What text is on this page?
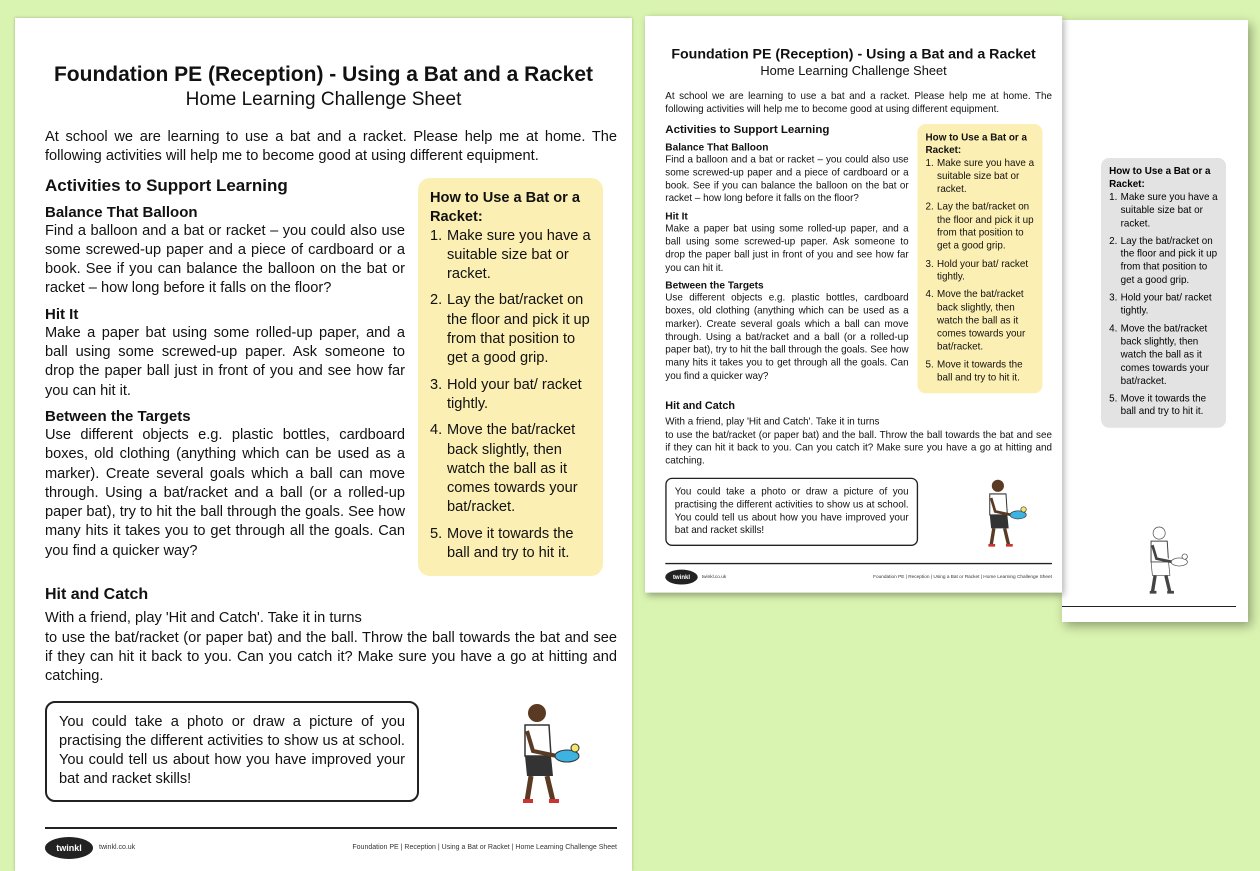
How to Use a Bat or a Racket:
1. Make sure you have a suitable size bat or racket.
2. Lay the bat/racket on the floor and pick it up from that position to get a good grip.
3. Hold your bat/ racket tightly.
4. Move the bat/racket back slightly, then watch the ball as it comes towards your bat/racket.
5. Move it towards the ball and try to hit it.
Foundation PE (Reception) - Using a Bat and a Racket
Home Learning Challenge Sheet
At school we are learning to use a bat and a racket. Please help me at home. The following activities will help me to become good at using different equipment.
Activities to Support Learning
Balance That Balloon
Find a balloon and a bat or racket – you could also use some screwed-up paper and a piece of cardboard or a book. See if you can balance the balloon on the bat or racket – how long before it falls on the floor?
Hit It
Make a paper bat using some rolled-up paper, and a ball using some screwed-up paper. Ask someone to drop the paper ball just in front of you and see how far you can hit it.
Between the Targets
Use different objects e.g. plastic bottles, cardboard boxes, old clothing (anything which can be used as a marker). Create several goals which a ball can move through. Using a bat/racket and a ball (or a rolled-up paper bat), try to hit the ball through the goals. See how many hits it takes you to get through all the goals. Can you find a quicker way?
How to Use a Bat or a Racket:
1. Make sure you have a suitable size bat or racket.
2. Lay the bat/racket on the floor and pick it up from that position to get a good grip.
3. Hold your bat/ racket tightly.
4. Move the bat/racket back slightly, then watch the ball as it comes towards your bat/racket.
5. Move it towards the ball and try to hit it.
Hit and Catch
With a friend, play 'Hit and Catch'. Take it in turns
to use the bat/racket (or paper bat) and the ball. Throw the ball towards the bat and see if they can hit it back to you. Can you catch it? Make sure you have a go at hitting and catching.
You could take a photo or draw a picture of you practising the different activities to show us at school. You could tell us about how you have improved your bat and racket skills!
twinkl	twinkl.co.uk	Foundation PE | Reception | Using a Bat or Racket | Home Learning Challenge Sheet
Foundation PE (Reception) - Using a Bat and a Racket
Home Learning Challenge Sheet
At school we are learning to use a bat and a racket. Please help me at home. The following activities will help me to become good at using different equipment.
Activities to Support Learning
Balance That Balloon
Find a balloon and a bat or racket – you could also use some screwed-up paper and a piece of cardboard or a book. See if you can balance the balloon on the bat or racket – how long before it falls on the floor?
Hit It
Make a paper bat using some rolled-up paper, and a ball using some screwed-up paper. Ask someone to drop the paper ball just in front of you and see how far you can hit it.
Between the Targets
Use different objects e.g. plastic bottles, cardboard boxes, old clothing (anything which can be used as a marker). Create several goals which a ball can move through. Using a bat/racket and a ball (or a rolled-up paper bat), try to hit the ball through the goals. See how many hits it takes you to get through all the goals. Can you find a quicker way?
How to Use a Bat or a Racket:
1. Make sure you have a suitable size bat or racket.
2. Lay the bat/racket on the floor and pick it up from that position to get a good grip.
3. Hold your bat/ racket tightly.
4. Move the bat/racket back slightly, then watch the ball as it comes towards your bat/racket.
5. Move it towards the ball and try to hit it.
Hit and Catch
With a friend, play 'Hit and Catch'. Take it in turns
to use the bat/racket (or paper bat) and the ball. Throw the ball towards the bat and see if they can hit it back to you. Can you catch it? Make sure you have a go at hitting and catching.
You could take a photo or draw a picture of you practising the different activities to show us at school. You could tell us about how you have improved your bat and racket skills!
twinkl	twinkl.co.uk	Foundation PE | Reception | Using a Bat or Racket | Home Learning Challenge Sheet
